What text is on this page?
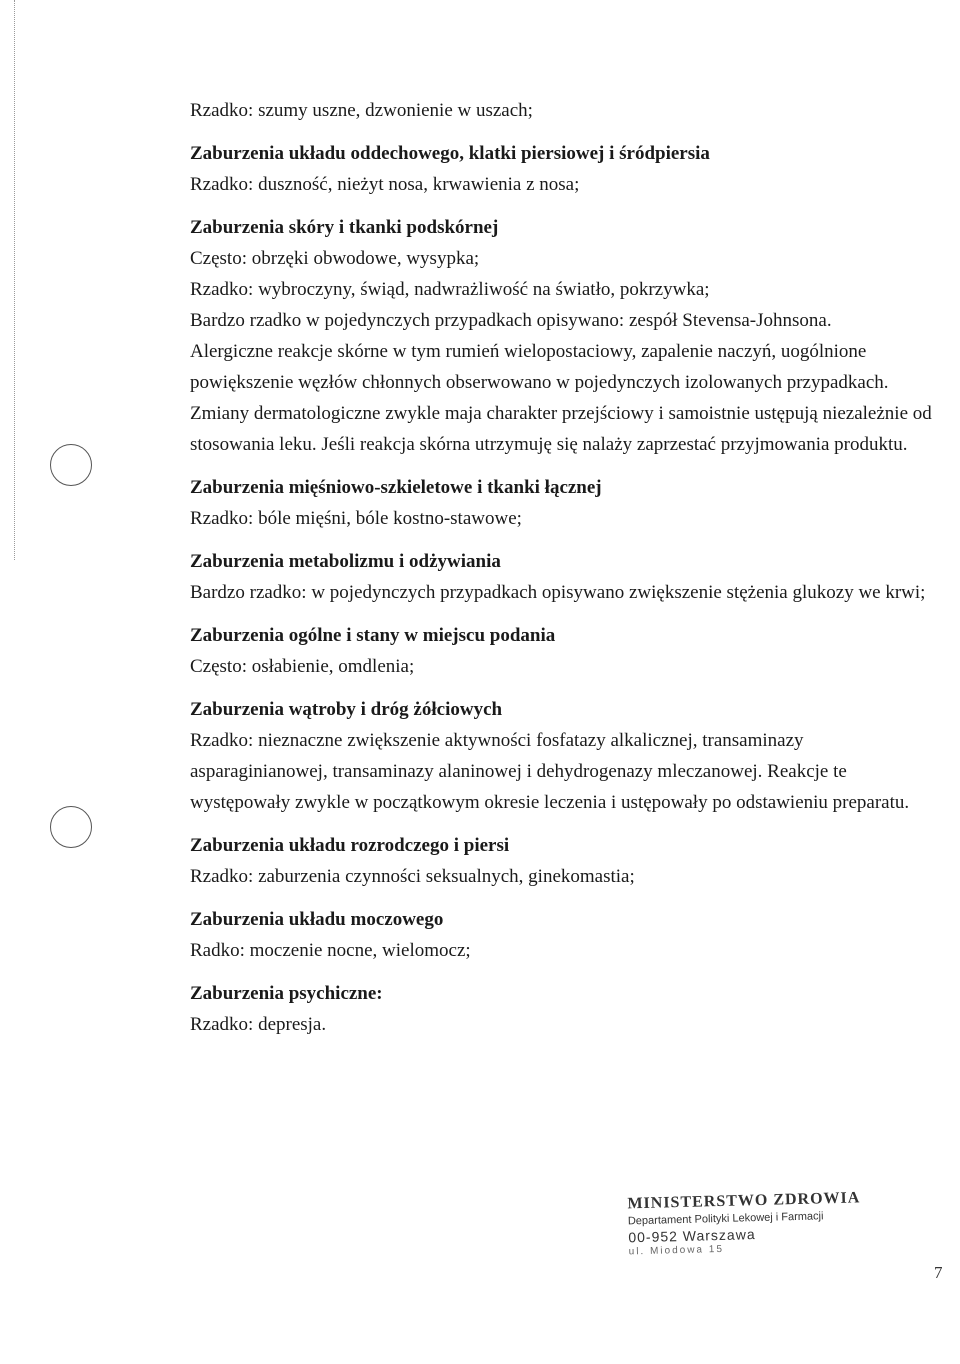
Rzadko: szumy uszne, dzwonienie w uszach;

Zaburzenia układu oddechowego, klatki piersiowej i śródpiersia

Rzadko: duszność, nieżyt nosa, krwawienia z nosa;

Zaburzenia skóry i tkanki podskórnej

Często: obrzęki obwodowe, wysypka;

Rzadko: wybroczyny, świąd, nadwrażliwość na światło, pokrzywka;

Bardzo rzadko w pojedynczych przypadkach opisywano: zespół Stevensa-Johnsona.

Alergiczne reakcje skórne w tym rumień wielopostaciowy, zapalenie naczyń, uogólnione powiększenie węzłów chłonnych obserwowano w pojedynczych izolowanych przypadkach. Zmiany dermatologiczne zwykle maja charakter przejściowy i samoistnie ustępują niezależnie od stosowania leku. Jeśli reakcja skórna utrzymuję się nalaży zaprzestać przyjmowania produktu.

Zaburzenia mięśniowo-szkieletowe i tkanki łącznej

Rzadko: bóle mięśni, bóle kostno-stawowe;

Zaburzenia metabolizmu i odżywiania

Bardzo rzadko: w pojedynczych przypadkach opisywano zwiększenie stężenia glukozy we krwi;

Zaburzenia ogólne i stany w miejscu podania

Często: osłabienie, omdlenia;

Zaburzenia wątroby i dróg żółciowych

Rzadko: nieznaczne zwiększenie aktywności fosfatazy alkalicznej, transaminazy asparaginianowej, transaminazy alaninowej i dehydrogenazy mleczanowej. Reakcje te występowały zwykle w początkowym okresie leczenia i ustępowały po odstawieniu preparatu.

Zaburzenia układu rozrodczego i piersi

Rzadko: zaburzenia czynności seksualnych, ginekomastia;

Zaburzenia układu moczowego

Radko: moczenie nocne, wielomocz;

Zaburzenia psychiczne:

Rzadko: depresja.

MINISTERSTWO ZDROWIA
Departament Polityki Lekowej i Farmacji
00-952 Warszawa
ul. Miodowa 15
7
